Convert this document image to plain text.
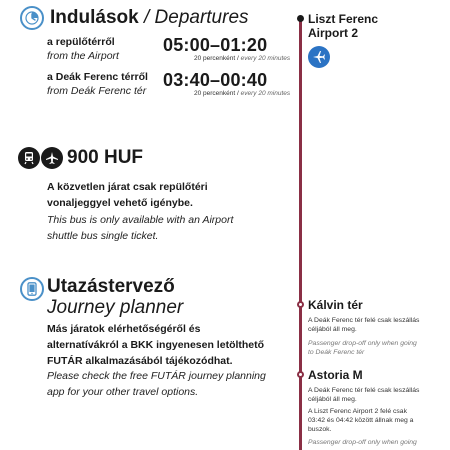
Indulások / Departures
a repülőtérről
from the Airport
05:00–01:20
20 percenként / every 20 minutes
a Deák Ferenc térről
from Deák Ferenc tér
03:40–00:40
20 percenként / every 20 minutes
900 HUF
A közvetlen járat csak repülőtéri vonaljeggyel vehető igénybe.
This bus is only available with an Airport shuttle bus single ticket.
Utazástervező
Journey planner
Más járatok elérhetőségéről és alternatívákról a BKK ingyenesen letölthető FUTÁR alkalmazásából tájékozódhat.
Please check the free FUTÁR journey planning app for your other travel options.
Liszt Ferenc Airport 2
Kálvin tér
A Deák Ferenc tér felé csak leszállás céljából áll meg.
Passenger drop-off only when going to Deák Ferenc tér
Astoria M
A Deák Ferenc tér felé csak leszállás céljából áll meg.
A Liszt Ferenc Airport 2 felé csak 03:42 és 04:42 között állnak meg a buszok.
Passenger drop-off only when going
